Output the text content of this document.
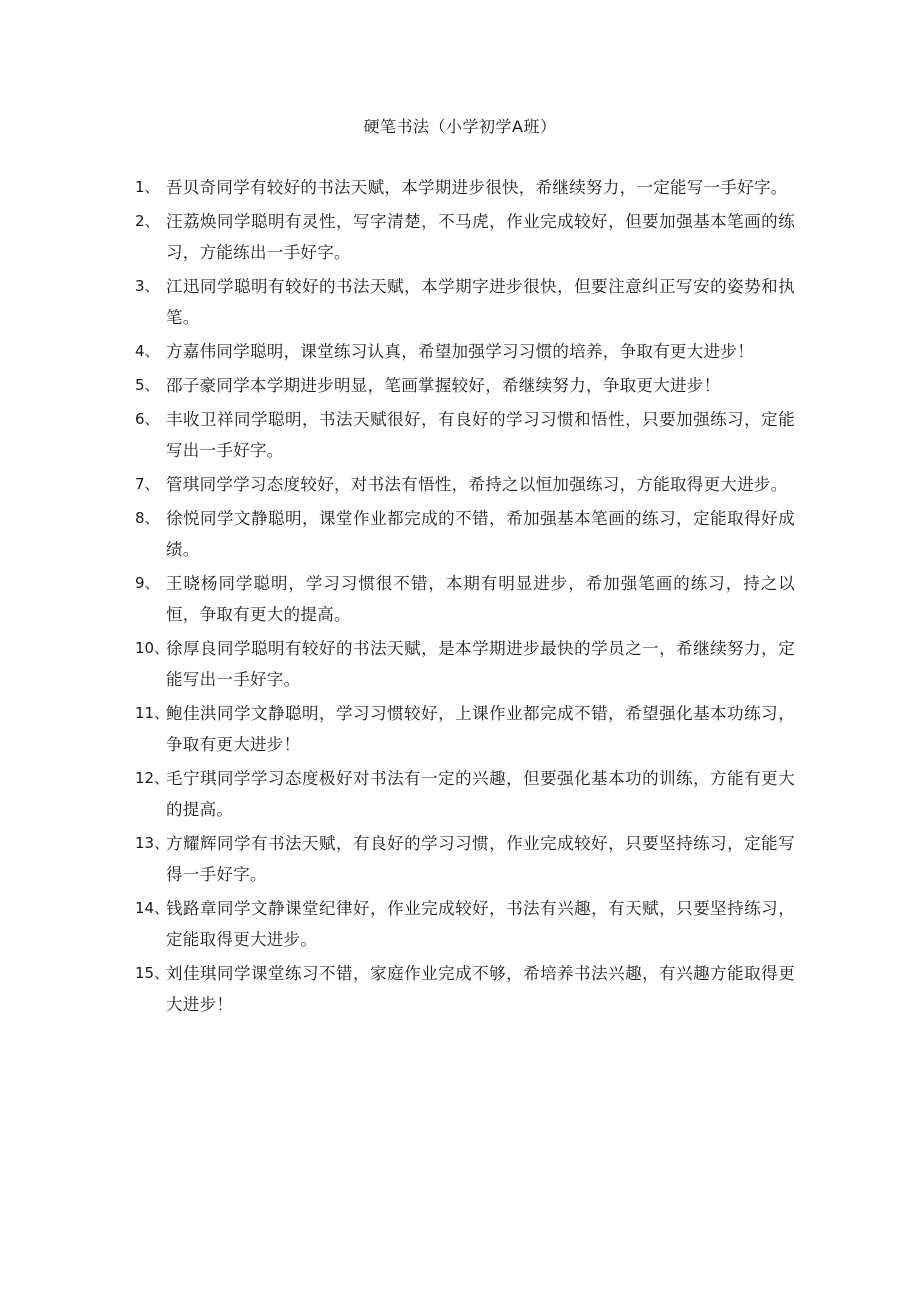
硬笔书法（小学初学A班）
1、 吾贝奇同学有较好的书法天赋，本学期进步很快，希继续努力，一定能写一手好字。
2、 汪荔焕同学聪明有灵性，写字清楚，不马虎，作业完成较好，但要加强基本笔画的练习，方能练出一手好字。
3、 江迅同学聪明有较好的书法天赋，本学期字进步很快，但要注意纠正写安的姿势和执笔。
4、 方嘉伟同学聪明，课堂练习认真，希望加强学习习惯的培养，争取有更大进步！
5、 邵子豪同学本学期进步明显，笔画掌握较好，希继续努力，争取更大进步！
6、 丰收卫祥同学聪明，书法天赋很好，有良好的学习习惯和悟性，只要加强练习，定能写出一手好字。
7、 管琪同学学习态度较好，对书法有悟性，希持之以恒加强练习，方能取得更大进步。
8、 徐悦同学文静聪明，课堂作业都完成的不错，希加强基本笔画的练习，定能取得好成绩。
9、 王晓杨同学聪明，学习习惯很不错，本期有明显进步，希加强笔画的练习，持之以恒，争取有更大的提高。
10、
徐厚良同学聪明有较好的书法天赋，是本学期进步最快的学员之一，希继续努力，定能写出一手好字。
11、
鲍佳洪同学文静聪明，学习习惯较好，上课作业都完成不错，希望强化基本功练习，争取有更大进步！
12、
毛宁琪同学学习态度极好对书法有一定的兴趣，但要强化基本功的训练，方能有更大的提高。
13、
方耀辉同学有书法天赋，有良好的学习习惯，作业完成较好，只要坚持练习，定能写得一手好字。
14、
钱路章同学文静课堂纪律好，作业完成较好，书法有兴趣，有天赋，只要坚持练习，定能取得更大进步。
15、
刘佳琪同学课堂练习不错，家庭作业完成不够，希培养书法兴趣，有兴趣方能取得更大进步！
